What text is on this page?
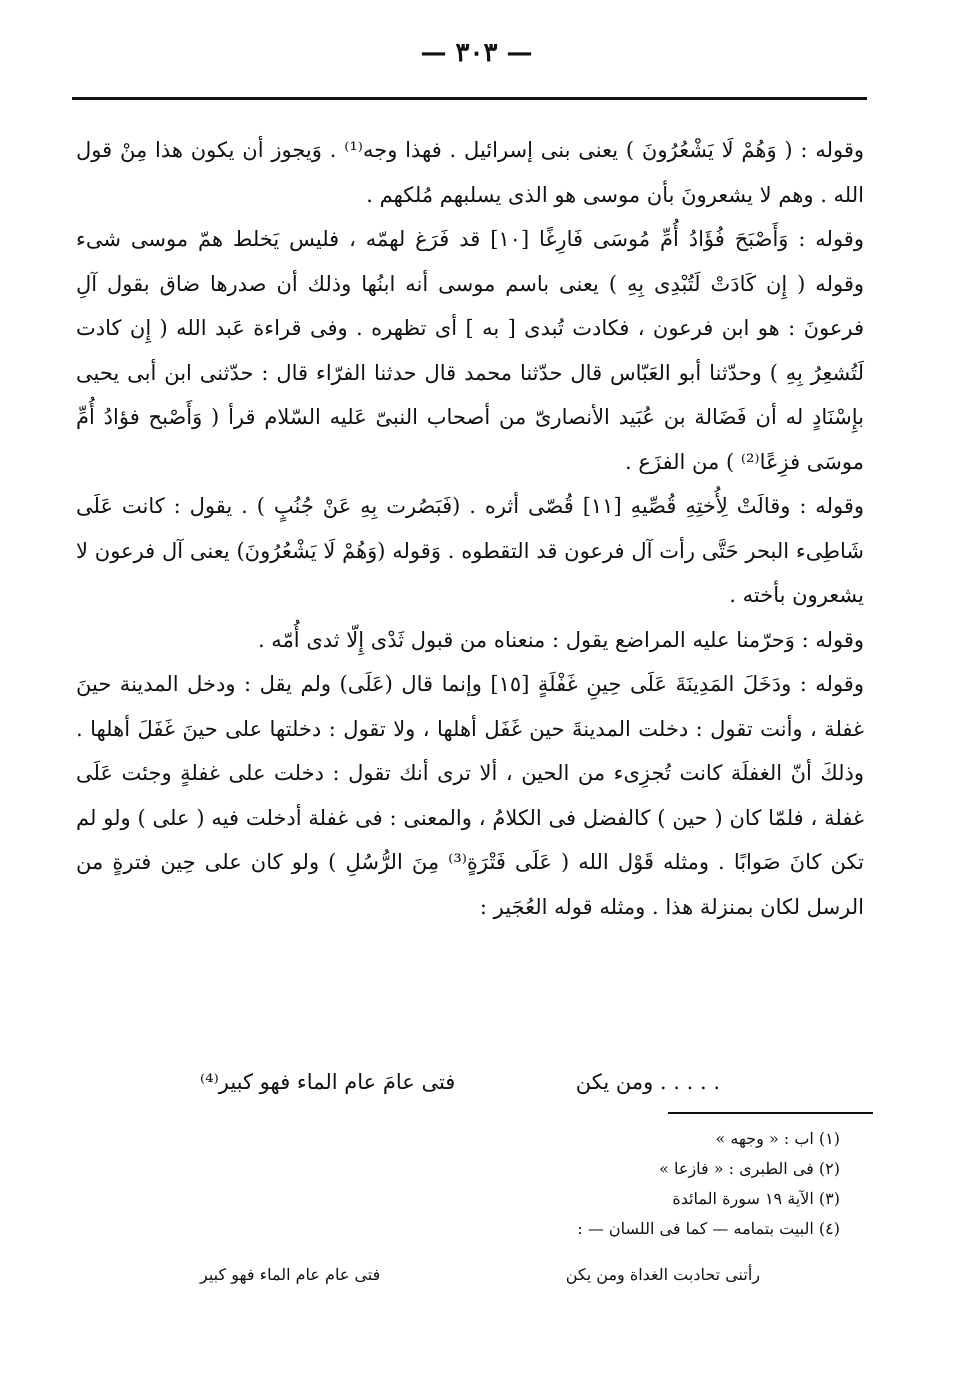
— ٣٠٣ —

وقوله : ( وَهُمْ لَا يَشْعُرُونَ ) يعنى بنى إسرائيل . فهذا وجه⁽¹⁾ . وَيجوز أن يكون هذا مِنْ قول الله . وهم لا يشعرونَ بأن موسى هو الذى يسلبهم مُلكهم .

وقوله : وَأَصْبَحَ فُؤَادُ أُمِّ مُوسَى فَارِغًا [١٠] قد فَرَغ لهمّه ، فليس يَخلط همّ موسى شىء وقوله ( إِن كَادَتْ لَتُبْدِى بِهِ ) يعنى باسم موسى أنه ابنُها وذلك أن صدرها ضاق بقول آلِ فرعونَ : هو ابن فرعون ، فكادت تُبدى [ به ] أى تظهره . وفى قراءة عَبد الله ( إِن كادت لَتُشعِرُ بِهِ ) وحدّثنا أبو العَبّاس قال حدّثنا محمد قال حدثنا الفرّاء قال : حدّثنى ابن أبى يحيى بإِسْنَادٍ له أن فَضَالة بن عُبَيد الأنصارىّ من أصحاب النبىّ عَليه السّلام قرأ ( وَأَصْبح فؤادُ أُمِّ موسَى فزِعًا⁽²⁾ ) من الفزَع .

وقوله : وقالَتْ لِأُختِهِ قُصِّيهِ [١١] قُصّى أثره . (فَبَصُرت بِهِ عَنْ جُنُبٍ ) . يقول : كانت عَلَى شَاطِىء البحر حَتَّى رأت آل فرعون قد التقطوه . وَقوله (وَهُمْ لَا يَشْعُرُونَ) يعنى آل فرعون لا يشعرون بأخته .

وقوله : وَحرّمنا عليه المراضع يقول : منعناه من قبول ثَدْى إِلّا ثدى أُمّه .

وقوله : ودَخَلَ المَدِينَةَ عَلَى حِينِ غَفْلَةٍ [١٥] وإنما قال (عَلَى) ولم يقل : ودخل المدينة حينَ غفلة ، وأنت تقول : دخلت المدينةَ حين غَفَل أهلها ، ولا تقول : دخلتها على حينَ غَفَلَ أهلها . وذلكَ أنّ الغفلَة كانت تُجزِىء من الحين ، ألا ترى أنك تقول : دخلت على غفلةٍ وجئت عَلَى غفلة ، فلمّا كان ( حين ) كالفضل فى الكلامُ ، والمعنى : فى غفلة أدخلت فيه ( على ) ولو لم تكن كانَ صَوابًا . ومثله قَوْل الله ( عَلَى فَتْرَةٍ⁽³⁾ مِنَ الرُّسُلِ ) ولو كان على حِين فترةٍ من الرسل لكان بمنزلة هذا . ومثله قوله العُجَير :

. . . . . ومن يكن
فتى عامَ عام الماء فهو كبير⁽⁴⁾

(١) اب : « وجهه »

(٢) فى الطبرى : « فازعا »

(٣) الآية ١٩ سورة المائدة

(٤) البيت بتمامه — كما فى اللسان — :

رأتنى تحادبت الغداة ومن يكن
فتى عام عام الماء فهو كبير
